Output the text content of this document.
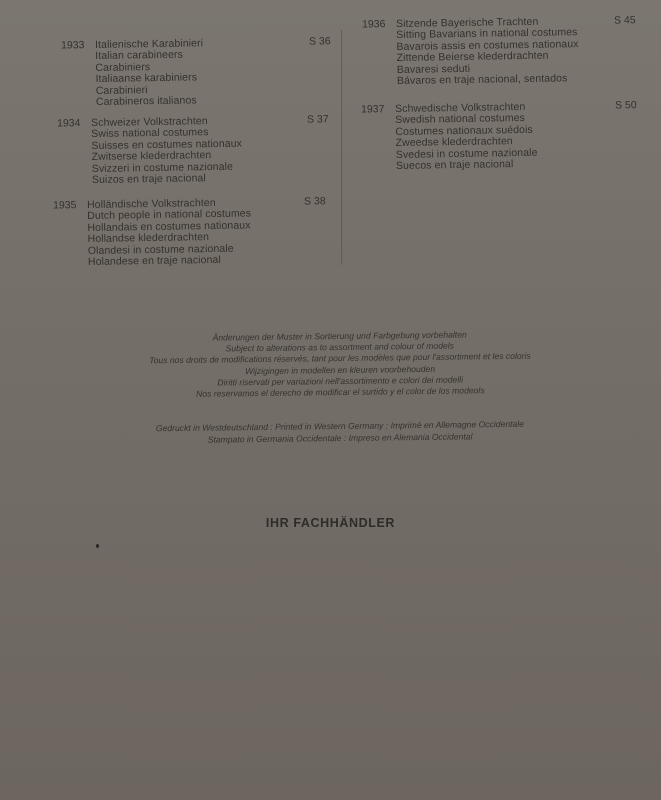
1933	S 36
Italienische Karabinieri
Italian carabineers
Carabiniers
Italiaanse karabiniers
Carabinieri
Carabineros italianos
1934	S 37
Schweizer Volkstrachten
Swiss national costumes
Suisses en costumes nationaux
Zwitserse klederdrachten
Svizzeri in costume nazionale
Suizos en traje nacional
1935	S 38
Holländische Volkstrachten
Dutch people in national costumes
Hollandais en costumes nationaux
Hollandse klederdrachten
Olandesi in costume nazionale
Holandese en traje nacional
1936	S 45
Sitzende Bayerische Trachten
Sitting Bavarians in national costumes
Bavarois assis en costumes nationaux
Zittende Beierse klederdrachten
Bavaresi seduti
Bávaros en traje nacional, sentados
1937	S 50
Schwedische Volkstrachten
Swedish national costumes
Costumes nationaux suédois
Zweedse klederdrachten
Svedesi in costume nazionale
Suecos en traje nacional
Änderungen der Muster in Sortierung und Farbgebung vorbehalten
Subject to alterations as to assortment and colour of models
Tous nos droits de modifications réservés, tant pour les modèles que pour l'assortiment et les coloris
Wijzigingen in modellen en kleuren voorbehouden
Diritti riservati per variazioni nell'assortimento e colori dei modelli
Nos reservamos el derecho de modificar el surtido y el color de los modeols
Gedruckt in Westdeutschland : Printed in Western Germany : Imprimé en Allemagne Occidentale
Stampato in Germania Occidentale : Impreso en Alemania Occidental
IHR FACHHÄNDLER
